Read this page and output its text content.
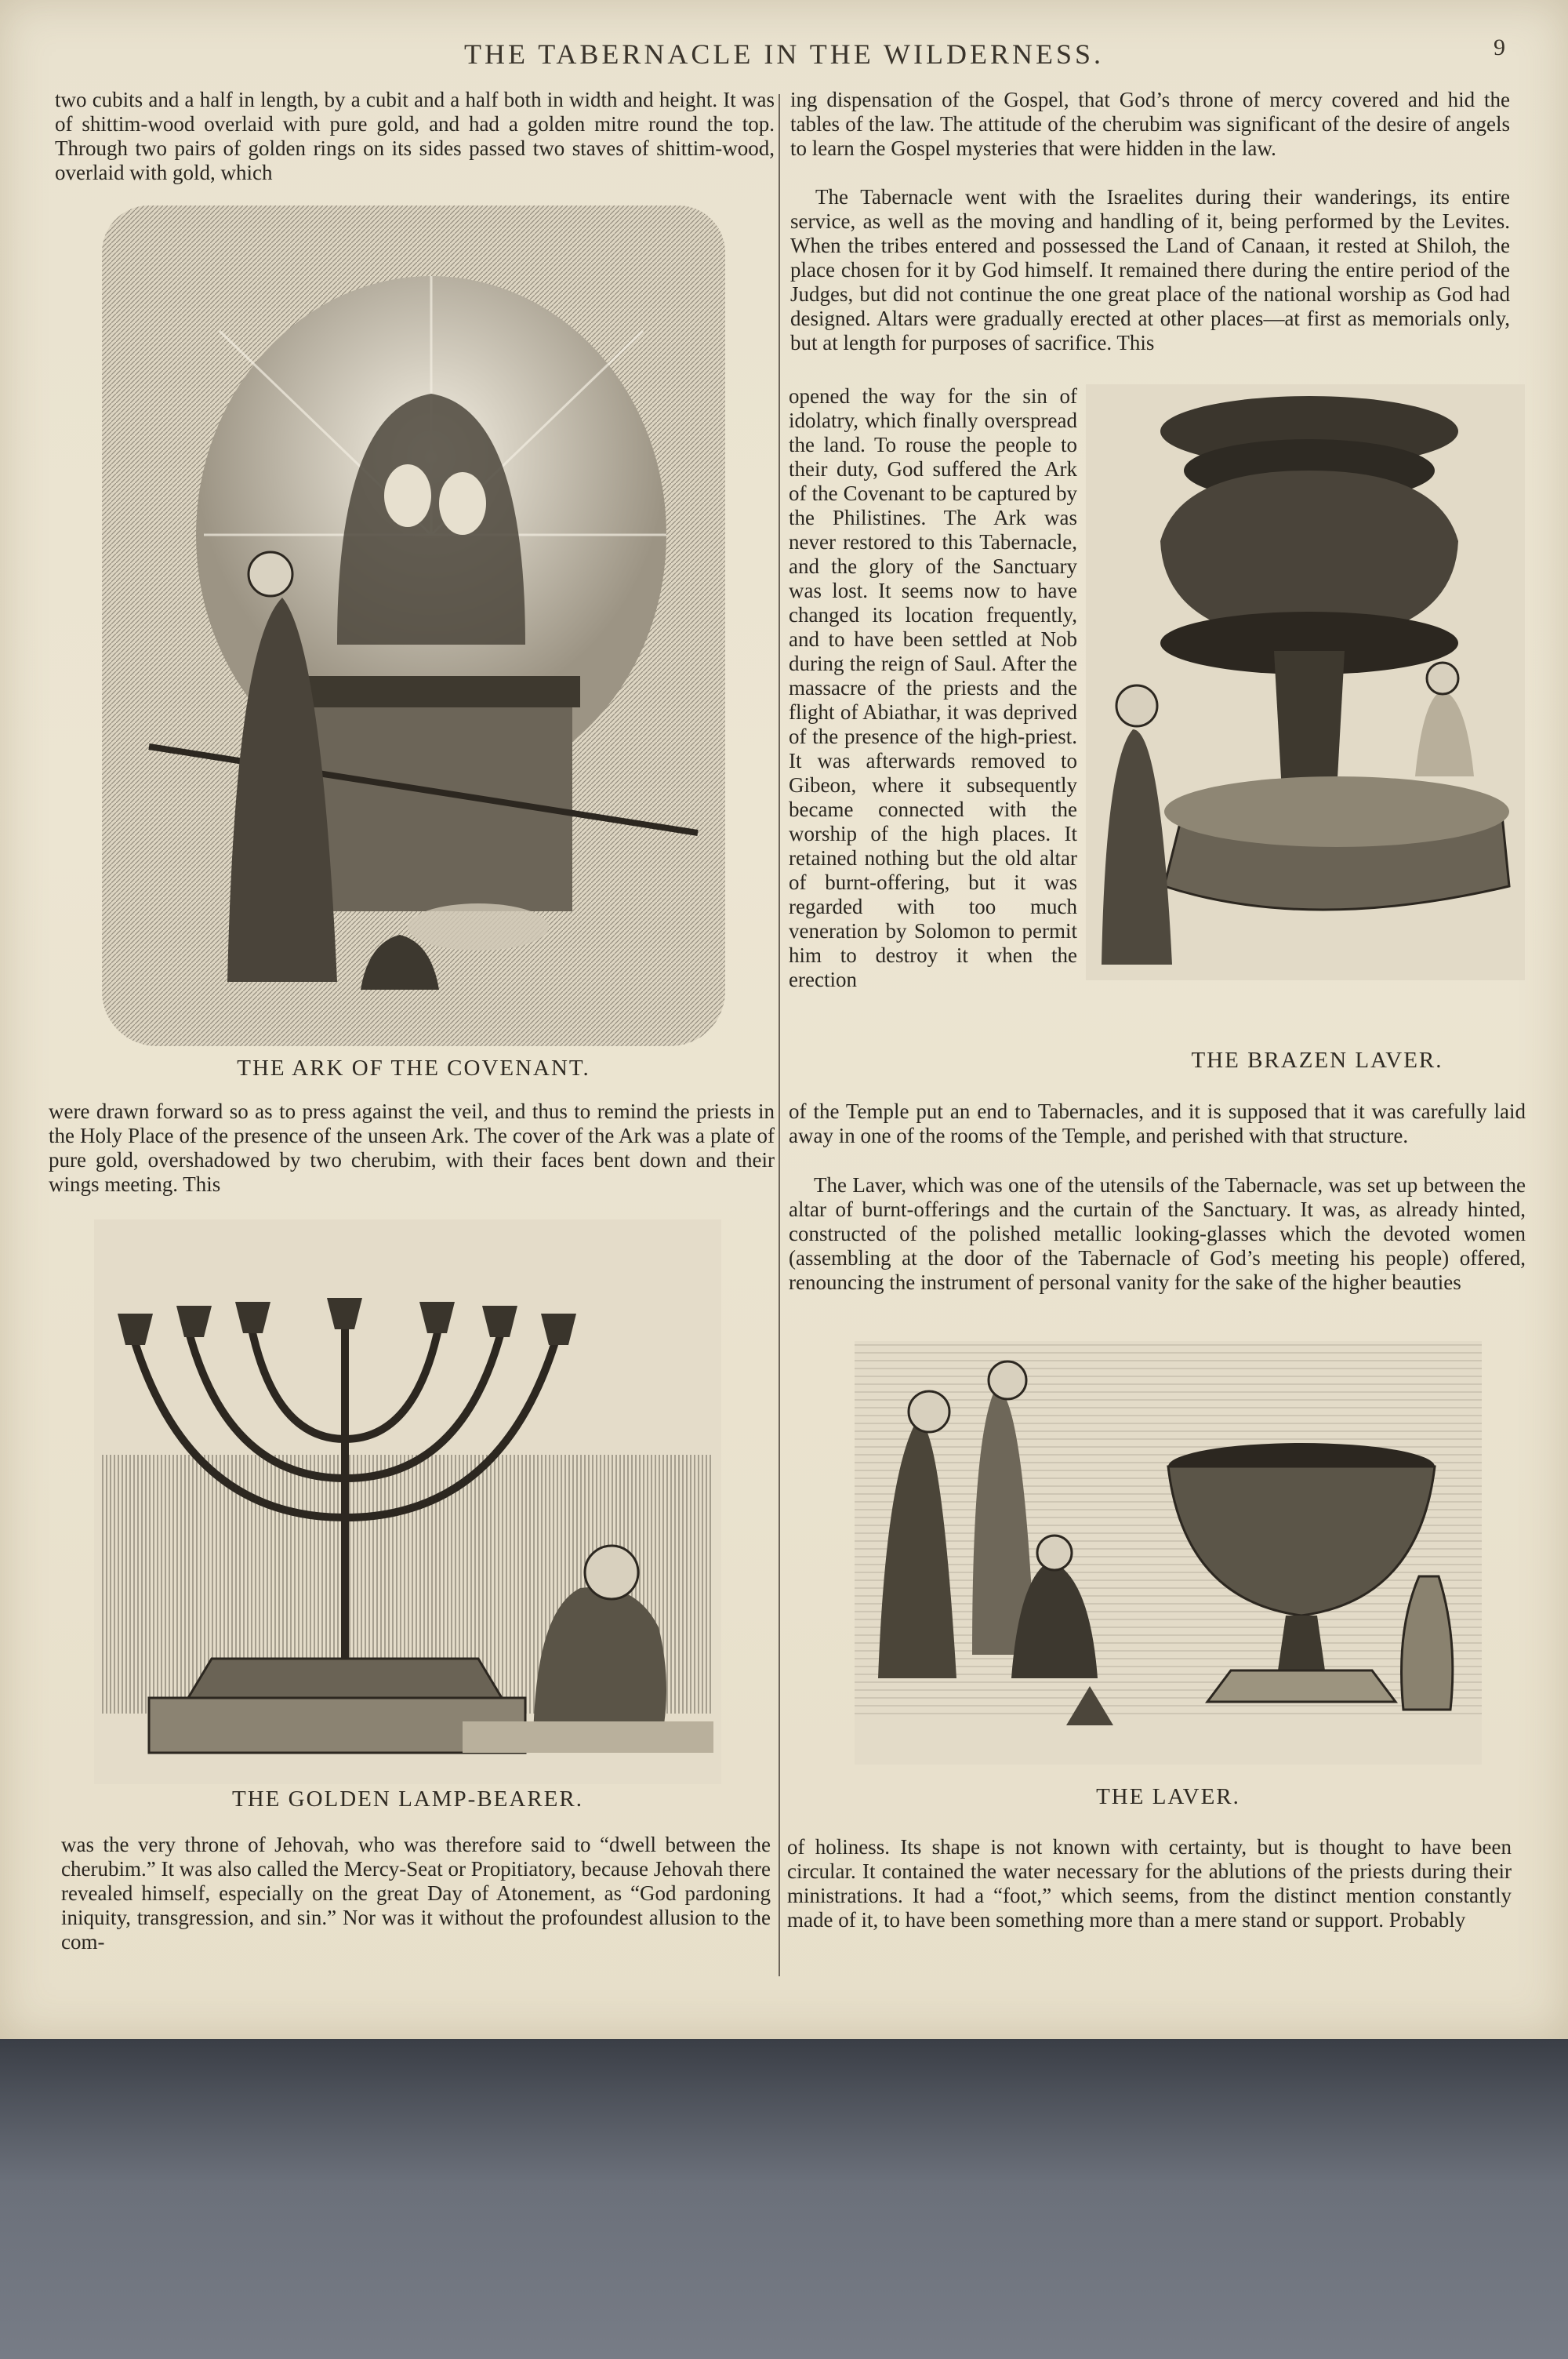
THE TABERNACLE IN THE WILDERNESS.	9

two cubits and a half in length, by a cubit and a half both in width and height. It was of shittim-wood overlaid with pure gold, and had a golden mitre round the top. Through two pairs of golden rings on its sides passed two staves of shittim-wood, overlaid with gold, which

THE ARK OF THE COVENANT.

were drawn forward so as to press against the veil, and thus to remind the priests in the Holy Place of the presence of the unseen Ark. The cover of the Ark was a plate of pure gold, overshadowed by two cherubim, with their faces bent down and their wings meeting. This

THE GOLDEN LAMP-BEARER.

was the very throne of Jehovah, who was therefore said to “dwell between the cherubim.” It was also called the Mercy-Seat or Propitiatory, because Jehovah there revealed himself, especially on the great Day of Atonement, as “God pardoning iniquity, transgression, and sin.” Nor was it without the profoundest allusion to the com-

ing dispensation of the Gospel, that God’s throne of mercy covered and hid the tables of the law. The attitude of the cherubim was significant of the desire of angels to learn the Gospel mysteries that were hidden in the law.

The Tabernacle went with the Israelites during their wanderings, its entire service, as well as the moving and handling of it, being performed by the Levites. When the tribes entered and possessed the Land of Canaan, it rested at Shiloh, the place chosen for it by God himself. It remained there during the entire period of the Judges, but did not continue the one great place of the national worship as God had designed. Altars were gradually erected at other places—at first as memorials only, but at length for purposes of sacrifice. This

opened the way for the sin of idolatry, which finally overspread the land. To rouse the people to their duty, God suffered the Ark of the Covenant to be captured by the Philistines. The Ark was never restored to this Tabernacle, and the glory of the Sanctuary was lost. It seems now to have changed its location frequently, and to have been settled at Nob during the reign of Saul. After the massacre of the priests and the flight of Abiathar, it was deprived of the presence of the high-priest. It was afterwards removed to Gibeon, where it subsequently became connected with the worship of the high places. It retained nothing but the old altar of burnt-offering, but it was regarded with too much veneration by Solomon to permit him to destroy it when the erection

THE BRAZEN LAVER.

of the Temple put an end to Tabernacles, and it is supposed that it was carefully laid away in one of the rooms of the Temple, and perished with that structure.

The Laver, which was one of the utensils of the Tabernacle, was set up between the altar of burnt-offerings and the curtain of the Sanctuary. It was, as already hinted, constructed of the polished metallic looking-glasses which the devoted women (assembling at the door of the Tabernacle of God’s meeting his people) offered, renouncing the instrument of personal vanity for the sake of the higher beauties

THE LAVER.

of holiness. Its shape is not known with certainty, but is thought to have been circular. It contained the water necessary for the ablutions of the priests during their ministrations. It had a “foot,” which seems, from the distinct mention constantly made of it, to have been something more than a mere stand or support. Probably
